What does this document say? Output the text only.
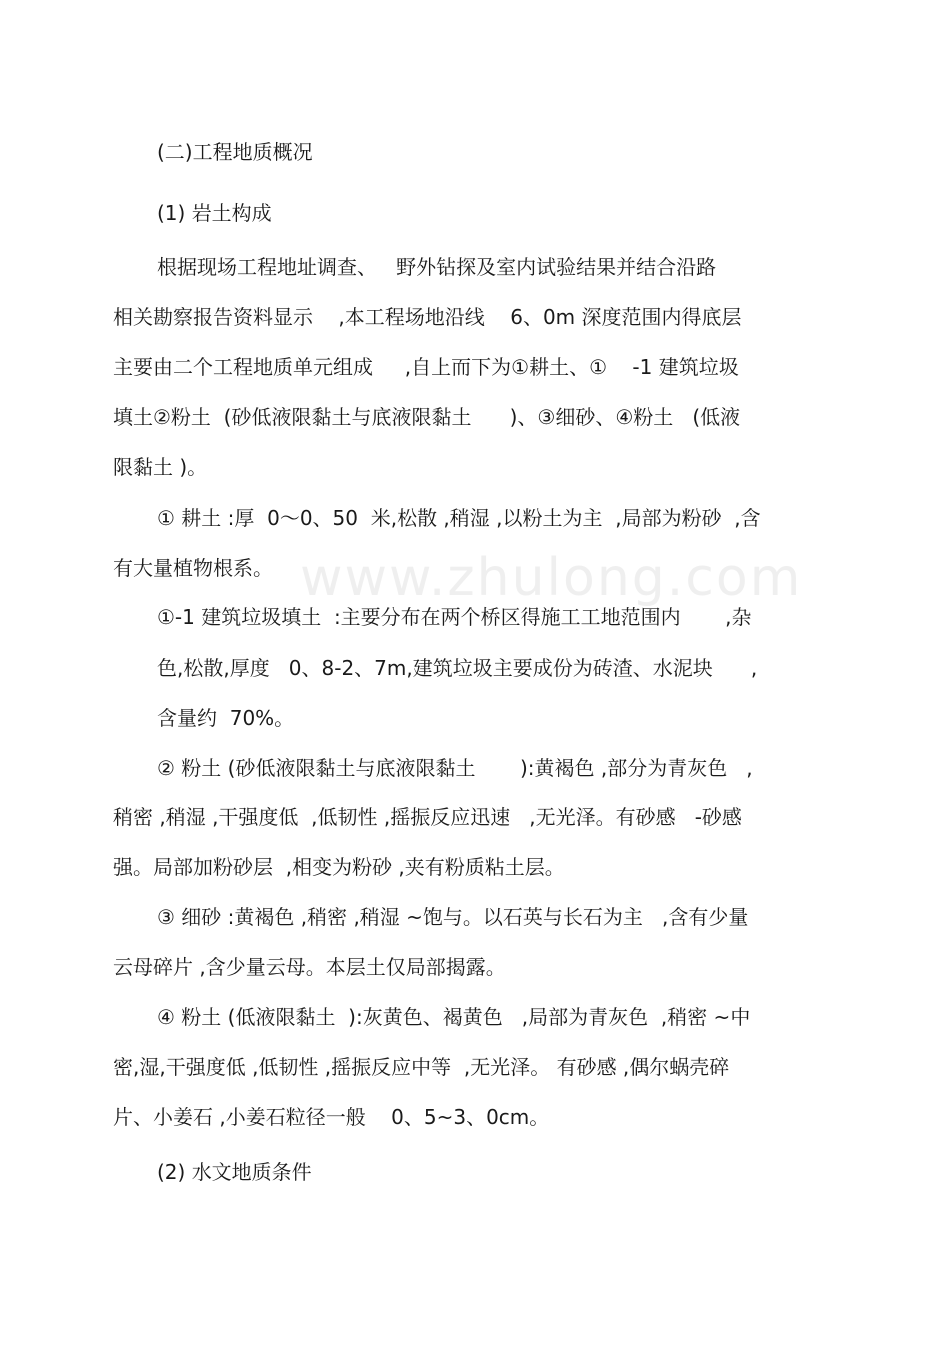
www.zhulong.com

(二)工程地质概况

(1) 岩土构成

根据现场工程地址调查、   野外钻探及室内试验结果并结合沿路

相关勘察报告资料显示    ,本工程场地沿线    6、0m 深度范围内得底层

主要由二个工程地质单元组成     ,自上而下为①耕土、①    -1 建筑垃圾

填土②粉土  (砂低液限黏土与底液限黏土      )、③细砂、④粉土   (低液

限黏土 )。

① 耕土 :厚  0～0、50  米,松散 ,稍湿 ,以粉土为主  ,局部为粉砂  ,含

有大量植物根系。

①-1 建筑垃圾填土  :主要分布在两个桥区得施工工地范围内       ,杂

色,松散,厚度   0、8-2、7m,建筑垃圾主要成份为砖渣、水泥块      ,

含量约  70%。

② 粉土 (砂低液限黏土与底液限黏土       ):黄褐色 ,部分为青灰色   ,

稍密 ,稍湿 ,干强度低  ,低韧性 ,摇振反应迅速   ,无光泽。有砂感   -砂感

强。局部加粉砂层  ,相变为粉砂 ,夹有粉质粘土层。

③ 细砂 :黄褐色 ,稍密 ,稍湿 ~饱与。以石英与长石为主   ,含有少量

云母碎片 ,含少量云母。本层土仅局部揭露。

④ 粉土 (低液限黏土  ):灰黄色、褐黄色   ,局部为青灰色  ,稍密 ~中

密,湿,干强度低 ,低韧性 ,摇振反应中等  ,无光泽。 有砂感 ,偶尔蜗壳碎

片、小姜石 ,小姜石粒径一般    0、5~3、0cm。

(2) 水文地质条件
